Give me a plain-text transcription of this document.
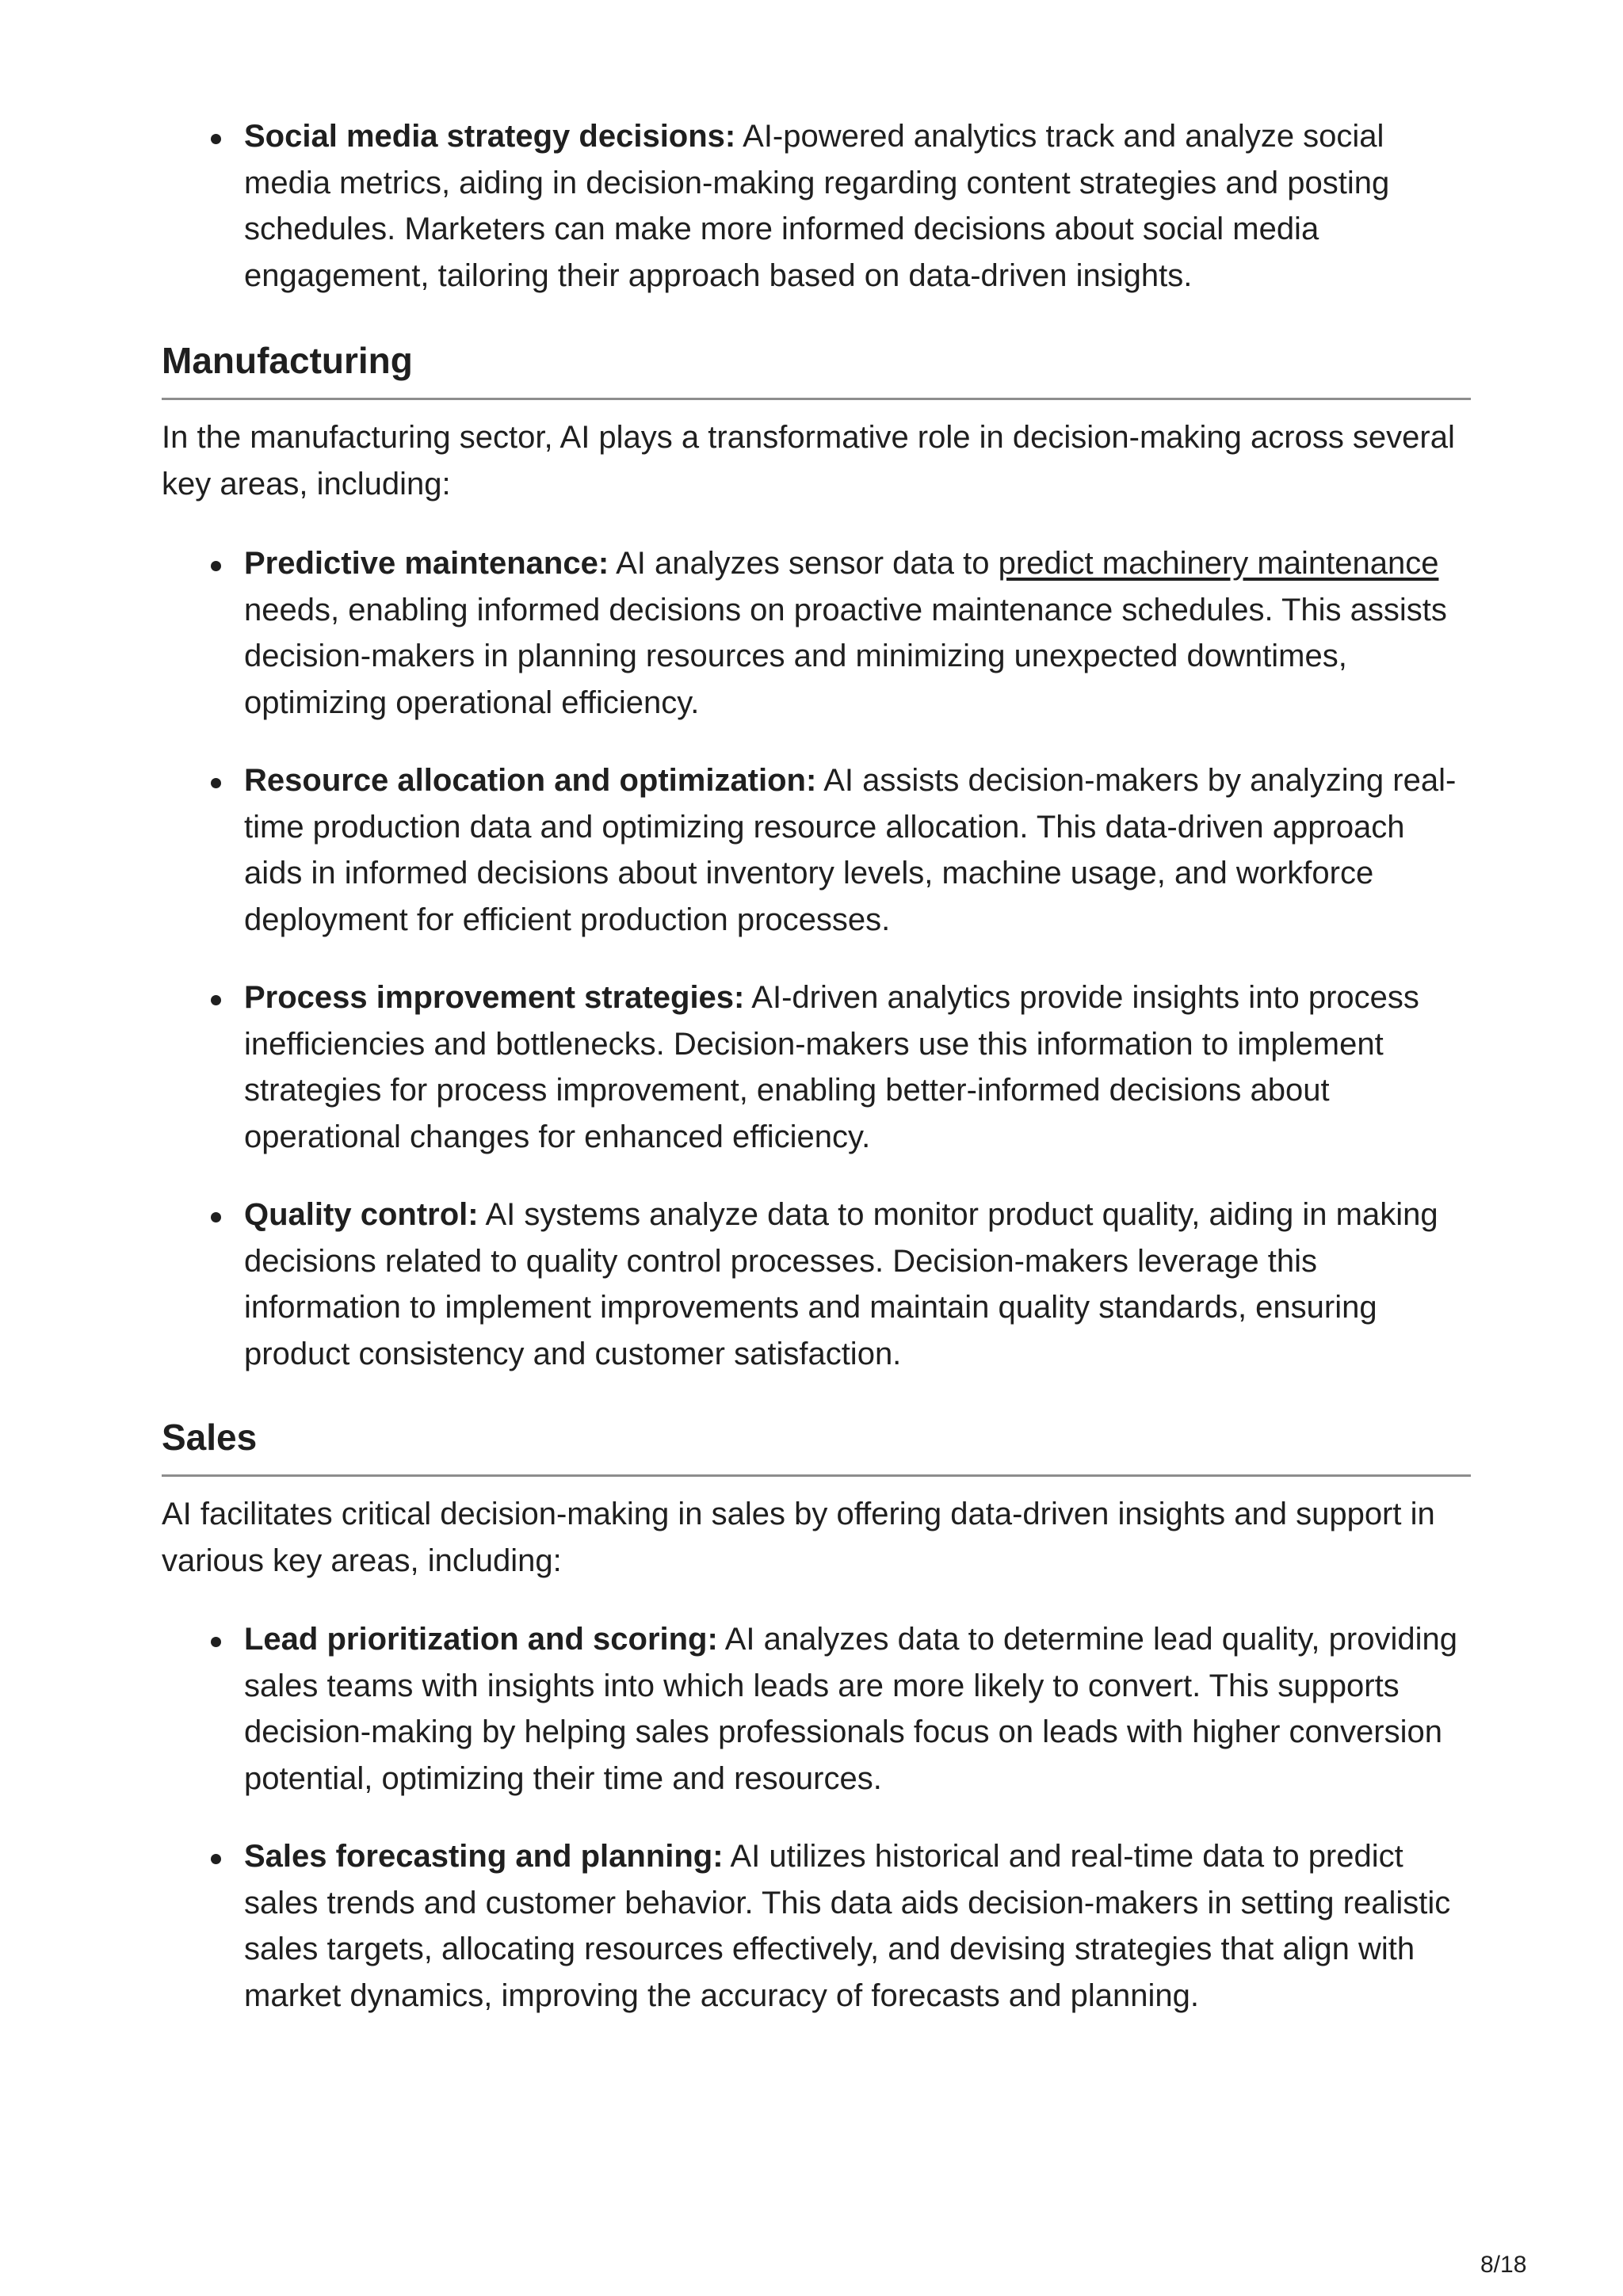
Social media strategy decisions: AI-powered analytics track and analyze social media metrics, aiding in decision-making regarding content strategies and posting schedules. Marketers can make more informed decisions about social media engagement, tailoring their approach based on data-driven insights.
Manufacturing

In the manufacturing sector, AI plays a transformative role in decision-making across several key areas, including:

Predictive maintenance: AI analyzes sensor data to predict machinery maintenance needs, enabling informed decisions on proactive maintenance schedules. This assists decision-makers in planning resources and minimizing unexpected downtimes, optimizing operational efficiency.
Resource allocation and optimization: AI assists decision-makers by analyzing real-time production data and optimizing resource allocation. This data-driven approach aids in informed decisions about inventory levels, machine usage, and workforce deployment for efficient production processes.
Process improvement strategies: AI-driven analytics provide insights into process inefficiencies and bottlenecks. Decision-makers use this information to implement strategies for process improvement, enabling better-informed decisions about operational changes for enhanced efficiency.
Quality control: AI systems analyze data to monitor product quality, aiding in making decisions related to quality control processes. Decision-makers leverage this information to implement improvements and maintain quality standards, ensuring product consistency and customer satisfaction.
Sales

AI facilitates critical decision-making in sales by offering data-driven insights and support in various key areas, including:

Lead prioritization and scoring: AI analyzes data to determine lead quality, providing sales teams with insights into which leads are more likely to convert. This supports decision-making by helping sales professionals focus on leads with higher conversion potential, optimizing their time and resources.
Sales forecasting and planning: AI utilizes historical and real-time data to predict sales trends and customer behavior. This data aids decision-makers in setting realistic sales targets, allocating resources effectively, and devising strategies that align with market dynamics, improving the accuracy of forecasts and planning.
8/18
